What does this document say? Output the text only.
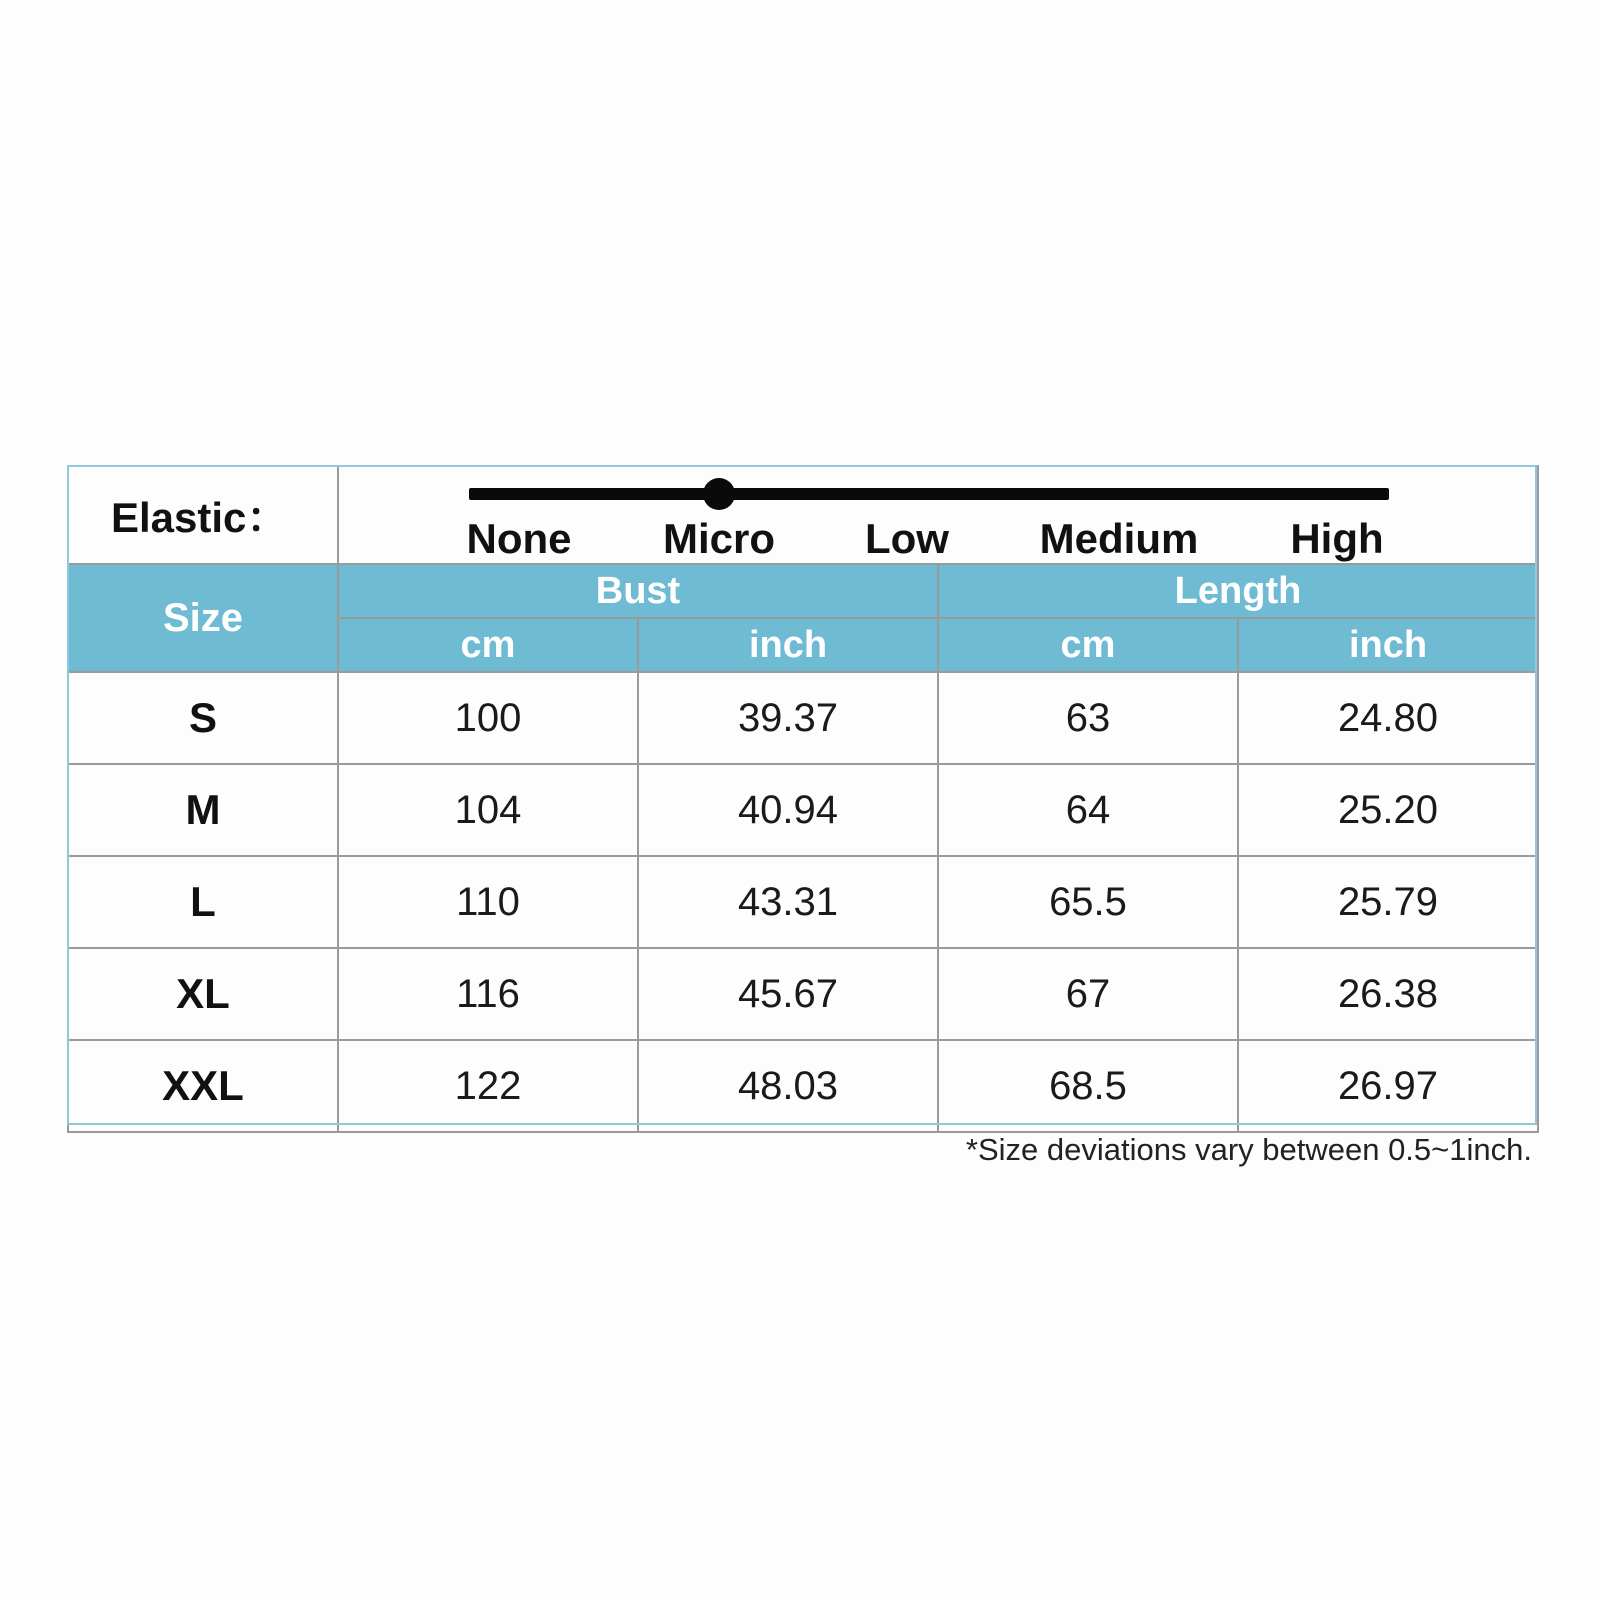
Elastic：	None Micro Low Medium High			

Size	Bust		Length	
	cm	inch	cm	inch
S	100	39.37	63	24.80
M	104	40.94	64	25.20
L	110	43.31	65.5	25.79
XL	116	45.67	67	26.38
XXL	122	48.03	68.5	26.97
*Size deviations vary between 0.5~1inch.
